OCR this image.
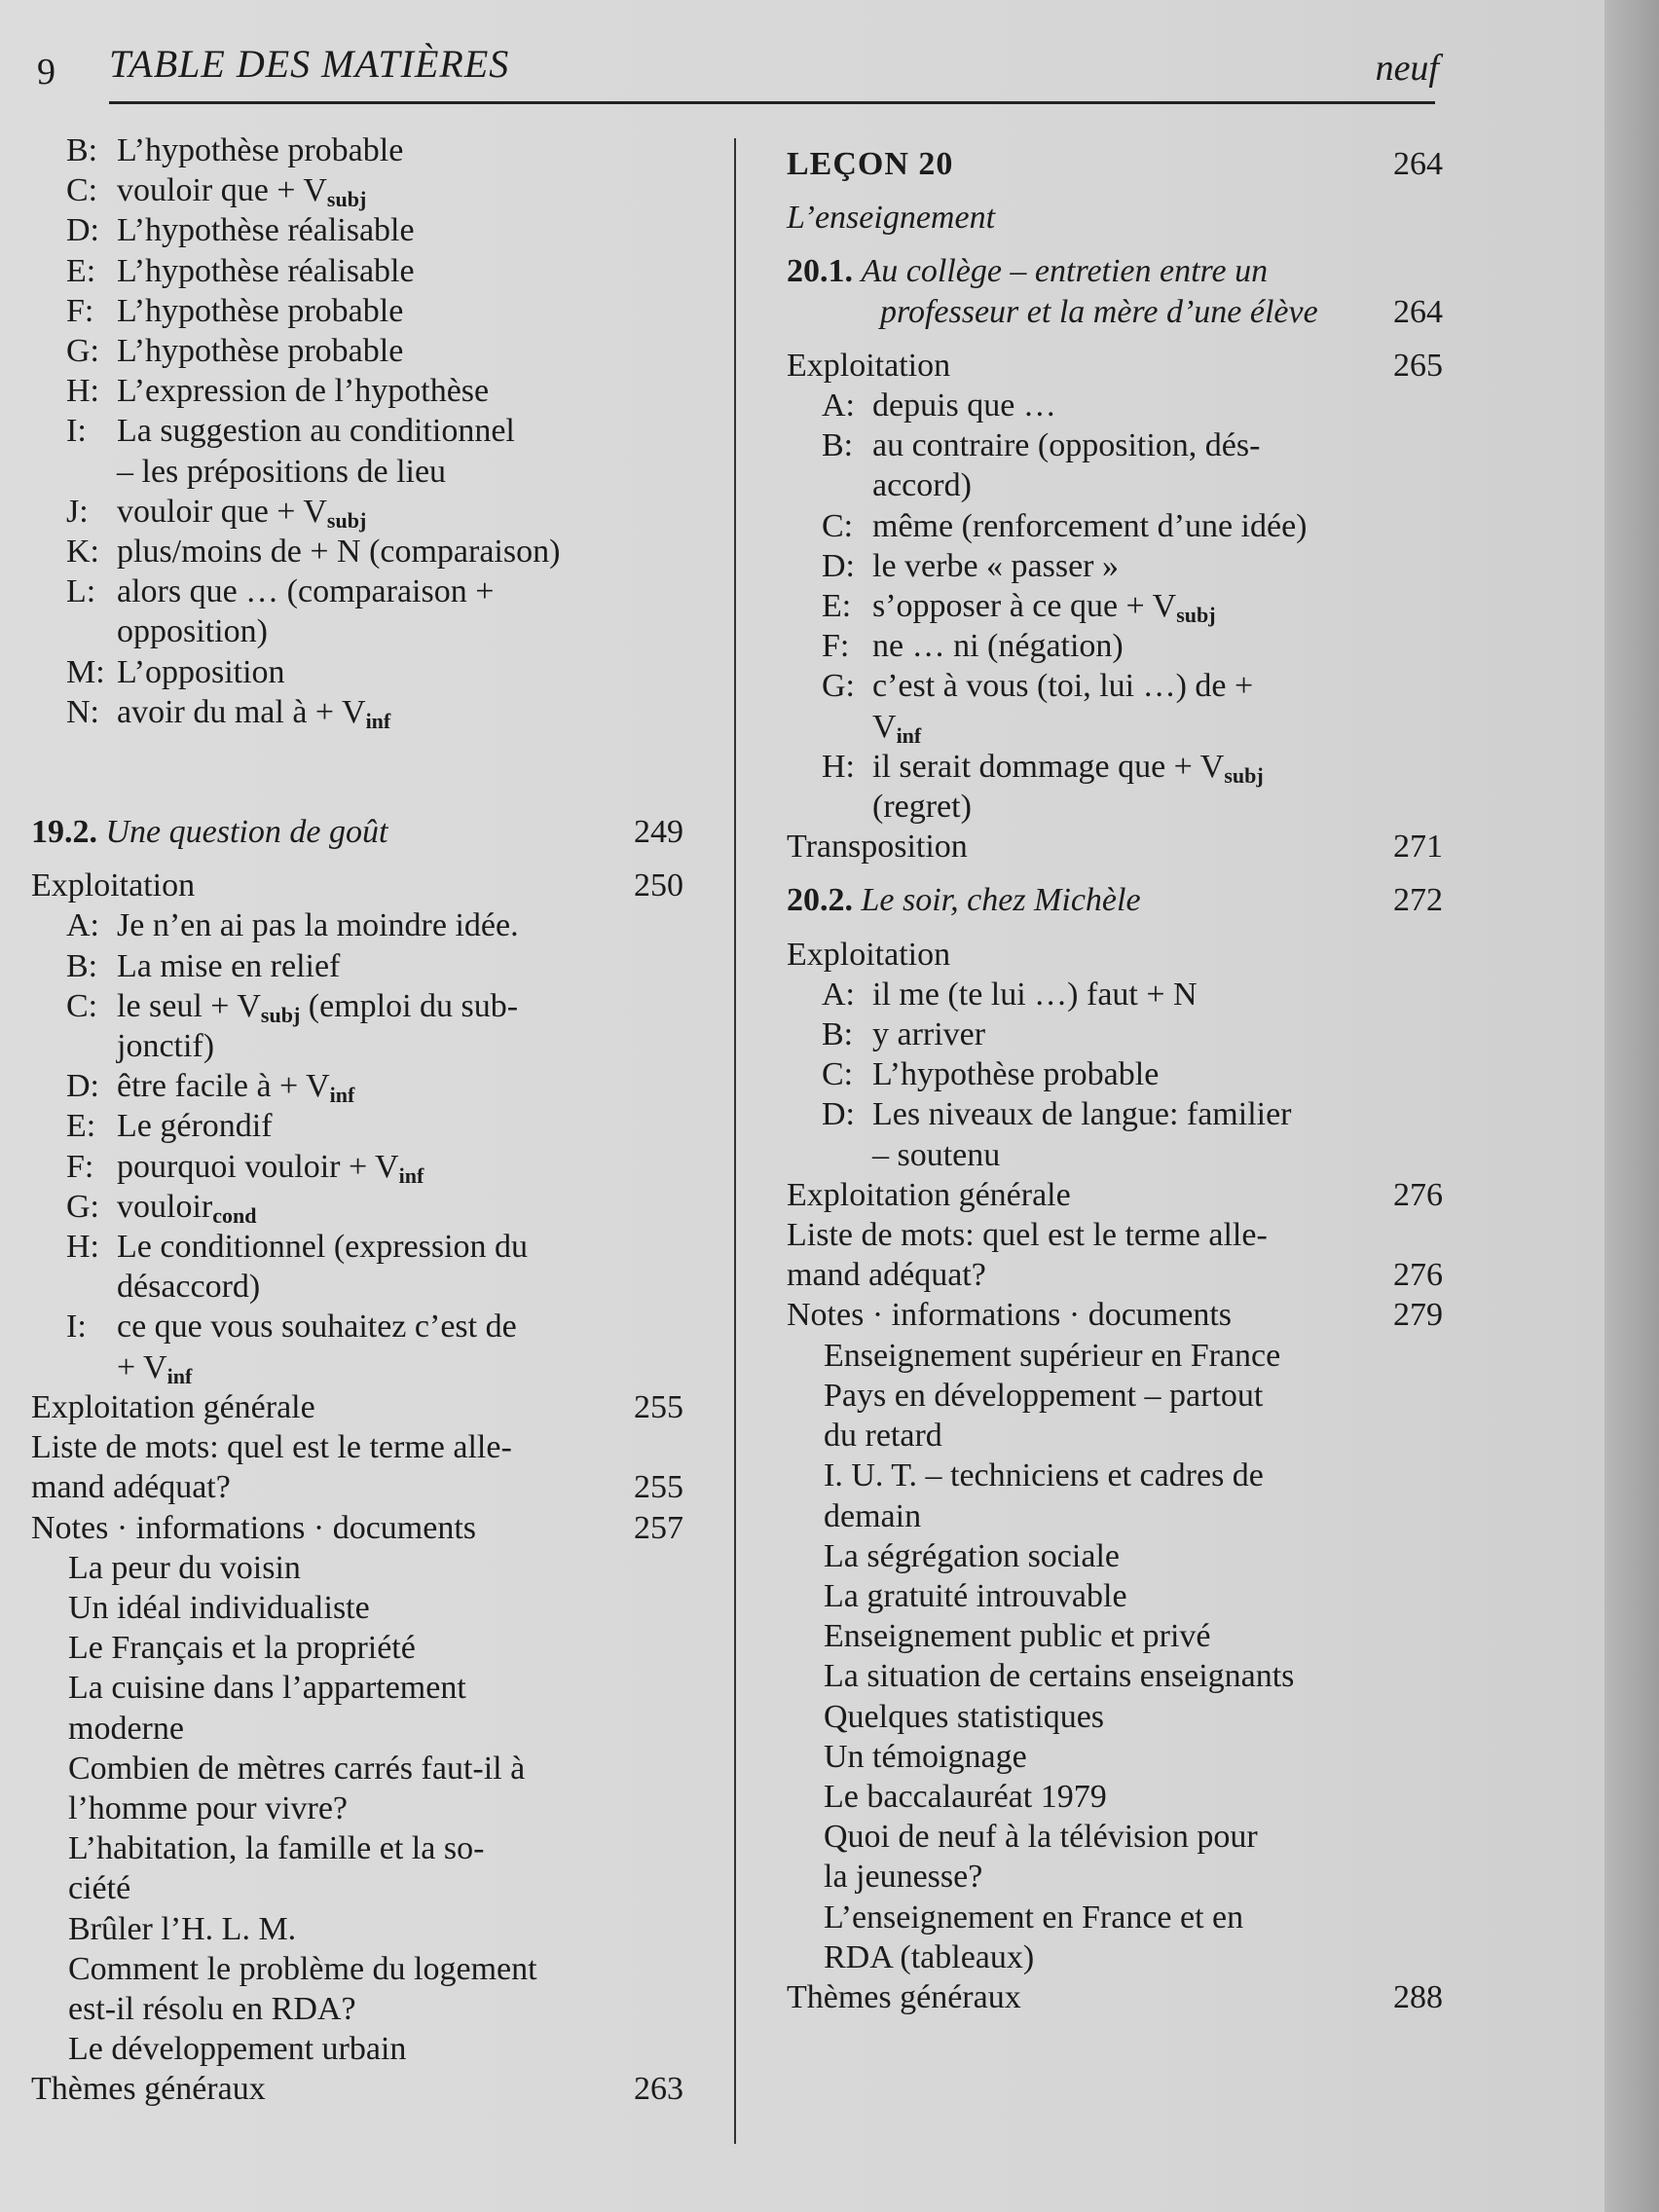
9 TABLE DES MATIÈRES	neuf
B: L’hypothèse probable
C: vouloir que + $V_{subj}$
D: L’hypothèse réalisable
E: L’hypothèse réalisable
F: L’hypothèse probable
G: L’hypothèse probable
H: L’expression de l’hypothèse
I: La suggestion au conditionnel
– les prépositions de lieu
J: vouloir que + $V_{subj}$
K: plus/moins de + N (comparaison)
L: alors que … (comparaison +
opposition)
M: L’opposition
N: avoir du mal à + $V_{inf}$
19.2. Une question de goût	249
Exploitation	250
A: Je n’en ai pas la moindre idée.
B: La mise en relief
C: le seul + $V_{subj}$ (emploi du sub-
jonctif)
D: être facile à + $V_{inf}$
E: Le gérondif
F: pourquoi vouloir + $V_{inf}$
G: vouloir$_{cond}$
H: Le conditionnel (expression du
désaccord)
I: ce que vous souhaitez c’est de
+ $V_{inf}$
Exploitation générale	255
Liste de mots: quel est le terme alle-
mand adéquat?	255
Notes · informations · documents	257
La peur du voisin
Un idéal individualiste
Le Français et la propriété
La cuisine dans l’appartement
moderne
Combien de mètres carrés faut-il à
l’homme pour vivre?
L’habitation, la famille et la so-
ciété
Brûler l’H. L. M.
Comment le problème du logement
est-il résolu en RDA?
Le développement urbain
Thèmes généraux	263
LEÇON 20	264
L’enseignement
20.1. Au collège – entretien entre un
professeur et la mère d’une élève 264
Exploitation	265
A: depuis que …
B: au contraire (opposition, dés-
accord)
C: même (renforcement d’une idée)
D: le verbe « passer »
E: s’opposer à ce que + $V_{subj}$
F: ne … ni (négation)
G: c’est à vous (toi, lui …) de +
$V_{inf}$
H: il serait dommage que + $V_{subj}$
(regret)
Transposition	271
20.2. Le soir, chez Michèle	272
Exploitation
A: il me (te lui …) faut + N
B: y arriver
C: L’hypothèse probable
D: Les niveaux de langue: familier
– soutenu
Exploitation générale	276
Liste de mots: quel est le terme alle-
mand adéquat?	276
Notes · informations · documents	279
Enseignement supérieur en France
Pays en développement – partout
du retard
I. U. T. – techniciens et cadres de
demain
La ségrégation sociale
La gratuité introuvable
Enseignement public et privé
La situation de certains enseignants
Quelques statistiques
Un témoignage
Le baccalauréat 1979
Quoi de neuf à la télévision pour
la jeunesse?
L’enseignement en France et en
RDA (tableaux)
Thèmes généraux	288
